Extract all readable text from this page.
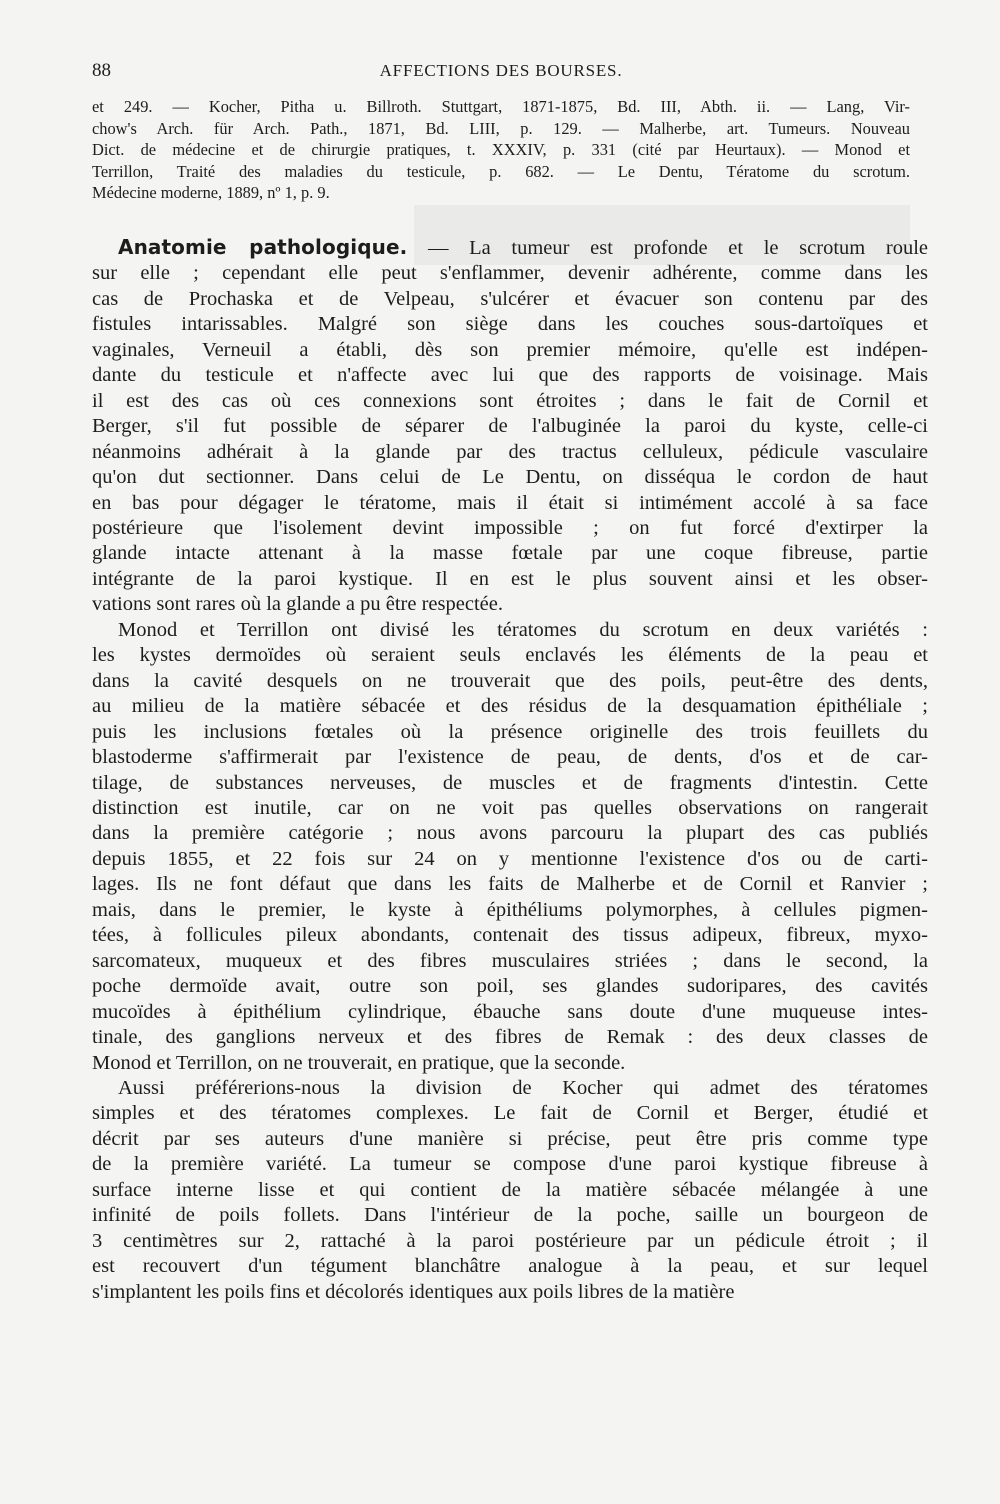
88	AFFECTIONS DES BOURSES.
et 249. — Kocher, Pitha u. Billroth. Stuttgart, 1871-1875, Bd. III, Abth. ii. — Lang, Vir-
chow's Arch. für Arch. Path., 1871, Bd. LIII, p. 129. — Malherbe, art. Tumeurs. Nouveau
Dict. de médecine et de chirurgie pratiques, t. XXXIV, p. 331 (cité par Heurtaux). — Monod et
Terrillon, Traité des maladies du testicule, p. 682. — Le Dentu, Tératome du scrotum.
Médecine moderne, 1889, nº 1, p. 9.
Anatomie pathologique. — La tumeur est profonde et le scrotum roule
sur elle ; cependant elle peut s'enflammer, devenir adhérente, comme dans les
cas de Prochaska et de Velpeau, s'ulcérer et évacuer son contenu par des
fistules intarissables. Malgré son siège dans les couches sous-dartoïques et
vaginales, Verneuil a établi, dès son premier mémoire, qu'elle est indépen-
dante du testicule et n'affecte avec lui que des rapports de voisinage. Mais
il est des cas où ces connexions sont étroites ; dans le fait de Cornil et
Berger, s'il fut possible de séparer de l'albuginée la paroi du kyste, celle-ci
néanmoins adhérait à la glande par des tractus celluleux, pédicule vasculaire
qu'on dut sectionner. Dans celui de Le Dentu, on disséqua le cordon de haut
en bas pour dégager le tératome, mais il était si intimément accolé à sa face
postérieure que l'isolement devint impossible ; on fut forcé d'extirper la
glande intacte attenant à la masse fœtale par une coque fibreuse, partie
intégrante de la paroi kystique. Il en est le plus souvent ainsi et les obser-
vations sont rares où la glande a pu être respectée.
Monod et Terrillon ont divisé les tératomes du scrotum en deux variétés :
les kystes dermoïdes où seraient seuls enclavés les éléments de la peau et
dans la cavité desquels on ne trouverait que des poils, peut-être des dents,
au milieu de la matière sébacée et des résidus de la desquamation épithéliale ;
puis les inclusions fœtales où la présence originelle des trois feuillets du
blastoderme s'affirmerait par l'existence de peau, de dents, d'os et de car-
tilage, de substances nerveuses, de muscles et de fragments d'intestin. Cette
distinction est inutile, car on ne voit pas quelles observations on rangerait
dans la première catégorie ; nous avons parcouru la plupart des cas publiés
depuis 1855, et 22 fois sur 24 on y mentionne l'existence d'os ou de carti-
lages. Ils ne font défaut que dans les faits de Malherbe et de Cornil et Ranvier ;
mais, dans le premier, le kyste à épithéliums polymorphes, à cellules pigmen-
tées, à follicules pileux abondants, contenait des tissus adipeux, fibreux, myxo-
sarcomateux, muqueux et des fibres musculaires striées ; dans le second, la
poche dermoïde avait, outre son poil, ses glandes sudoripares, des cavités
mucoïdes à épithélium cylindrique, ébauche sans doute d'une muqueuse intes-
tinale, des ganglions nerveux et des fibres de Remak : des deux classes de
Monod et Terrillon, on ne trouverait, en pratique, que la seconde.
Aussi préférerions-nous la division de Kocher qui admet des tératomes
simples et des tératomes complexes. Le fait de Cornil et Berger, étudié et
décrit par ses auteurs d'une manière si précise, peut être pris comme type
de la première variété. La tumeur se compose d'une paroi kystique fibreuse à
surface interne lisse et qui contient de la matière sébacée mélangée à une
infinité de poils follets. Dans l'intérieur de la poche, saille un bourgeon de
3 centimètres sur 2, rattaché à la paroi postérieure par un pédicule étroit ; il
est recouvert d'un tégument blanchâtre analogue à la peau, et sur lequel
s'implantent les poils fins et décolorés identiques aux poils libres de la matière
